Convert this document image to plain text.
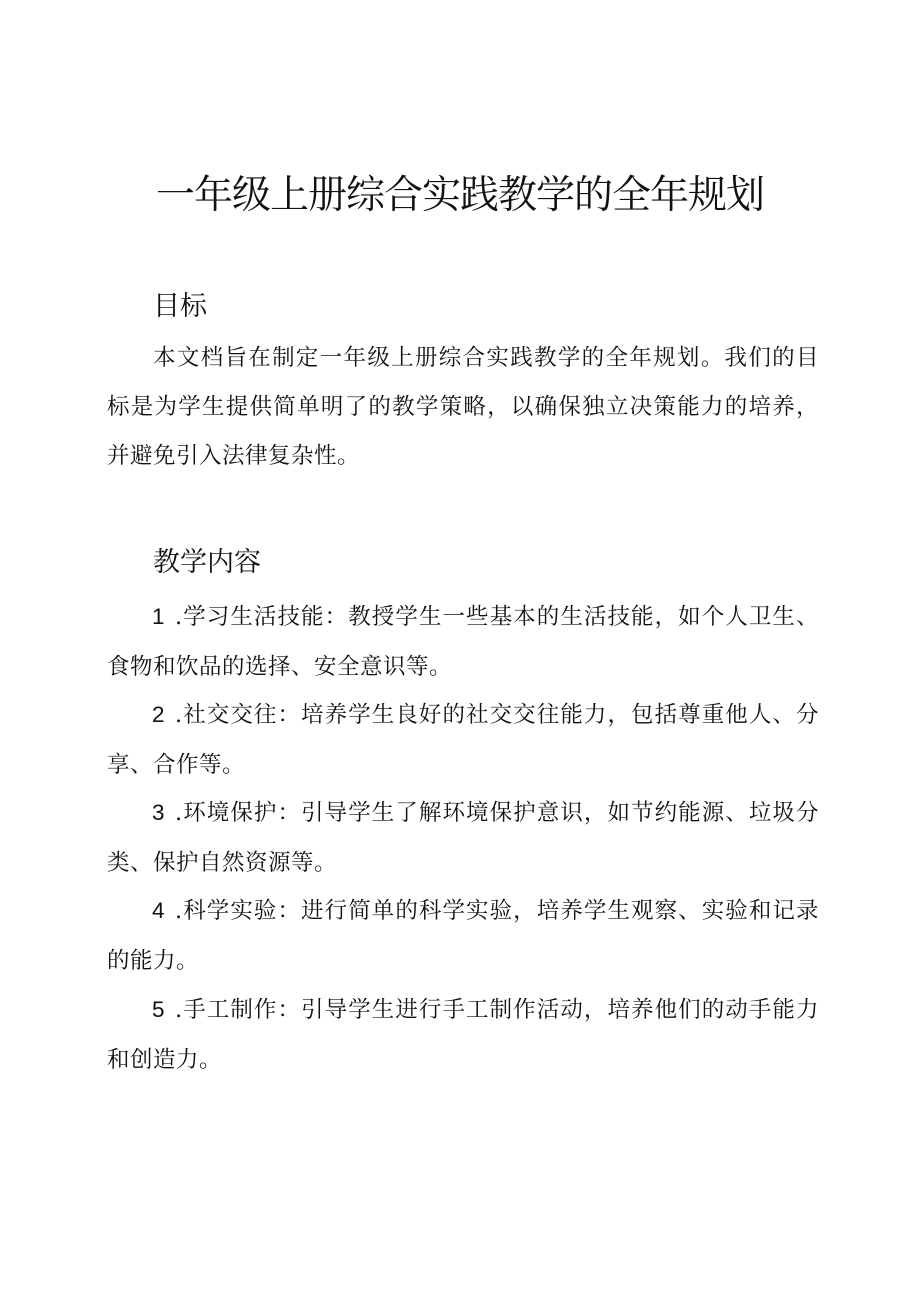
一年级上册综合实践教学的全年规划
目标

本文档旨在制定一年级上册综合实践教学的全年规划。我们的目标是为学生提供简单明了的教学策略，以确保独立决策能力的培养，并避免引入法律复杂性。

教学内容

1 .学习生活技能：教授学生一些基本的生活技能，如个人卫生、食物和饮品的选择、安全意识等。

2 .社交交往：培养学生良好的社交交往能力，包括尊重他人、分享、合作等。

3 .环境保护：引导学生了解环境保护意识，如节约能源、垃圾分类、保护自然资源等。

4 .科学实验：进行简单的科学实验，培养学生观察、实验和记录的能力。

5 .手工制作：引导学生进行手工制作活动，培养他们的动手能力和创造力。
